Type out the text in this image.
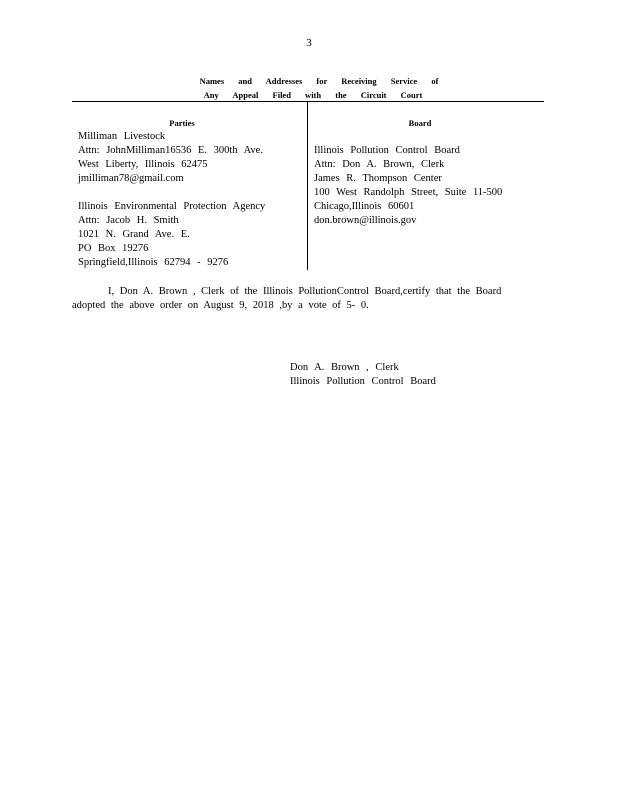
3
Names and Addresses for Receiving Service of
Any Appeal Filed with the Circuit Court
Parties	Board
Milliman Livestock
Attn: JohnMilliman16536 E. 300th Ave.
West Liberty, Illinois 62475
jmilliman78@gmail.com
Illinois Environmental Protection Agency
Attn: Jacob H. Smith
1021 N. Grand Ave. E.
PO Box 19276
Springfield,Illinois 62794 - 9276
Illinois Pollution Control Board
Attn: Don A. Brown, Clerk
James R. Thompson Center
100 West Randolph Street, Suite 11-500
Chicago,Illinois 60601
don.brown@illinois.gov
I, Don A. Brown , Clerk of the Illinois PollutionControl Board,certify that the Board adopted the above order on August 9, 2018 ,by a vote of 5- 0.
Don A. Brown , Clerk
Illinois Pollution Control Board
